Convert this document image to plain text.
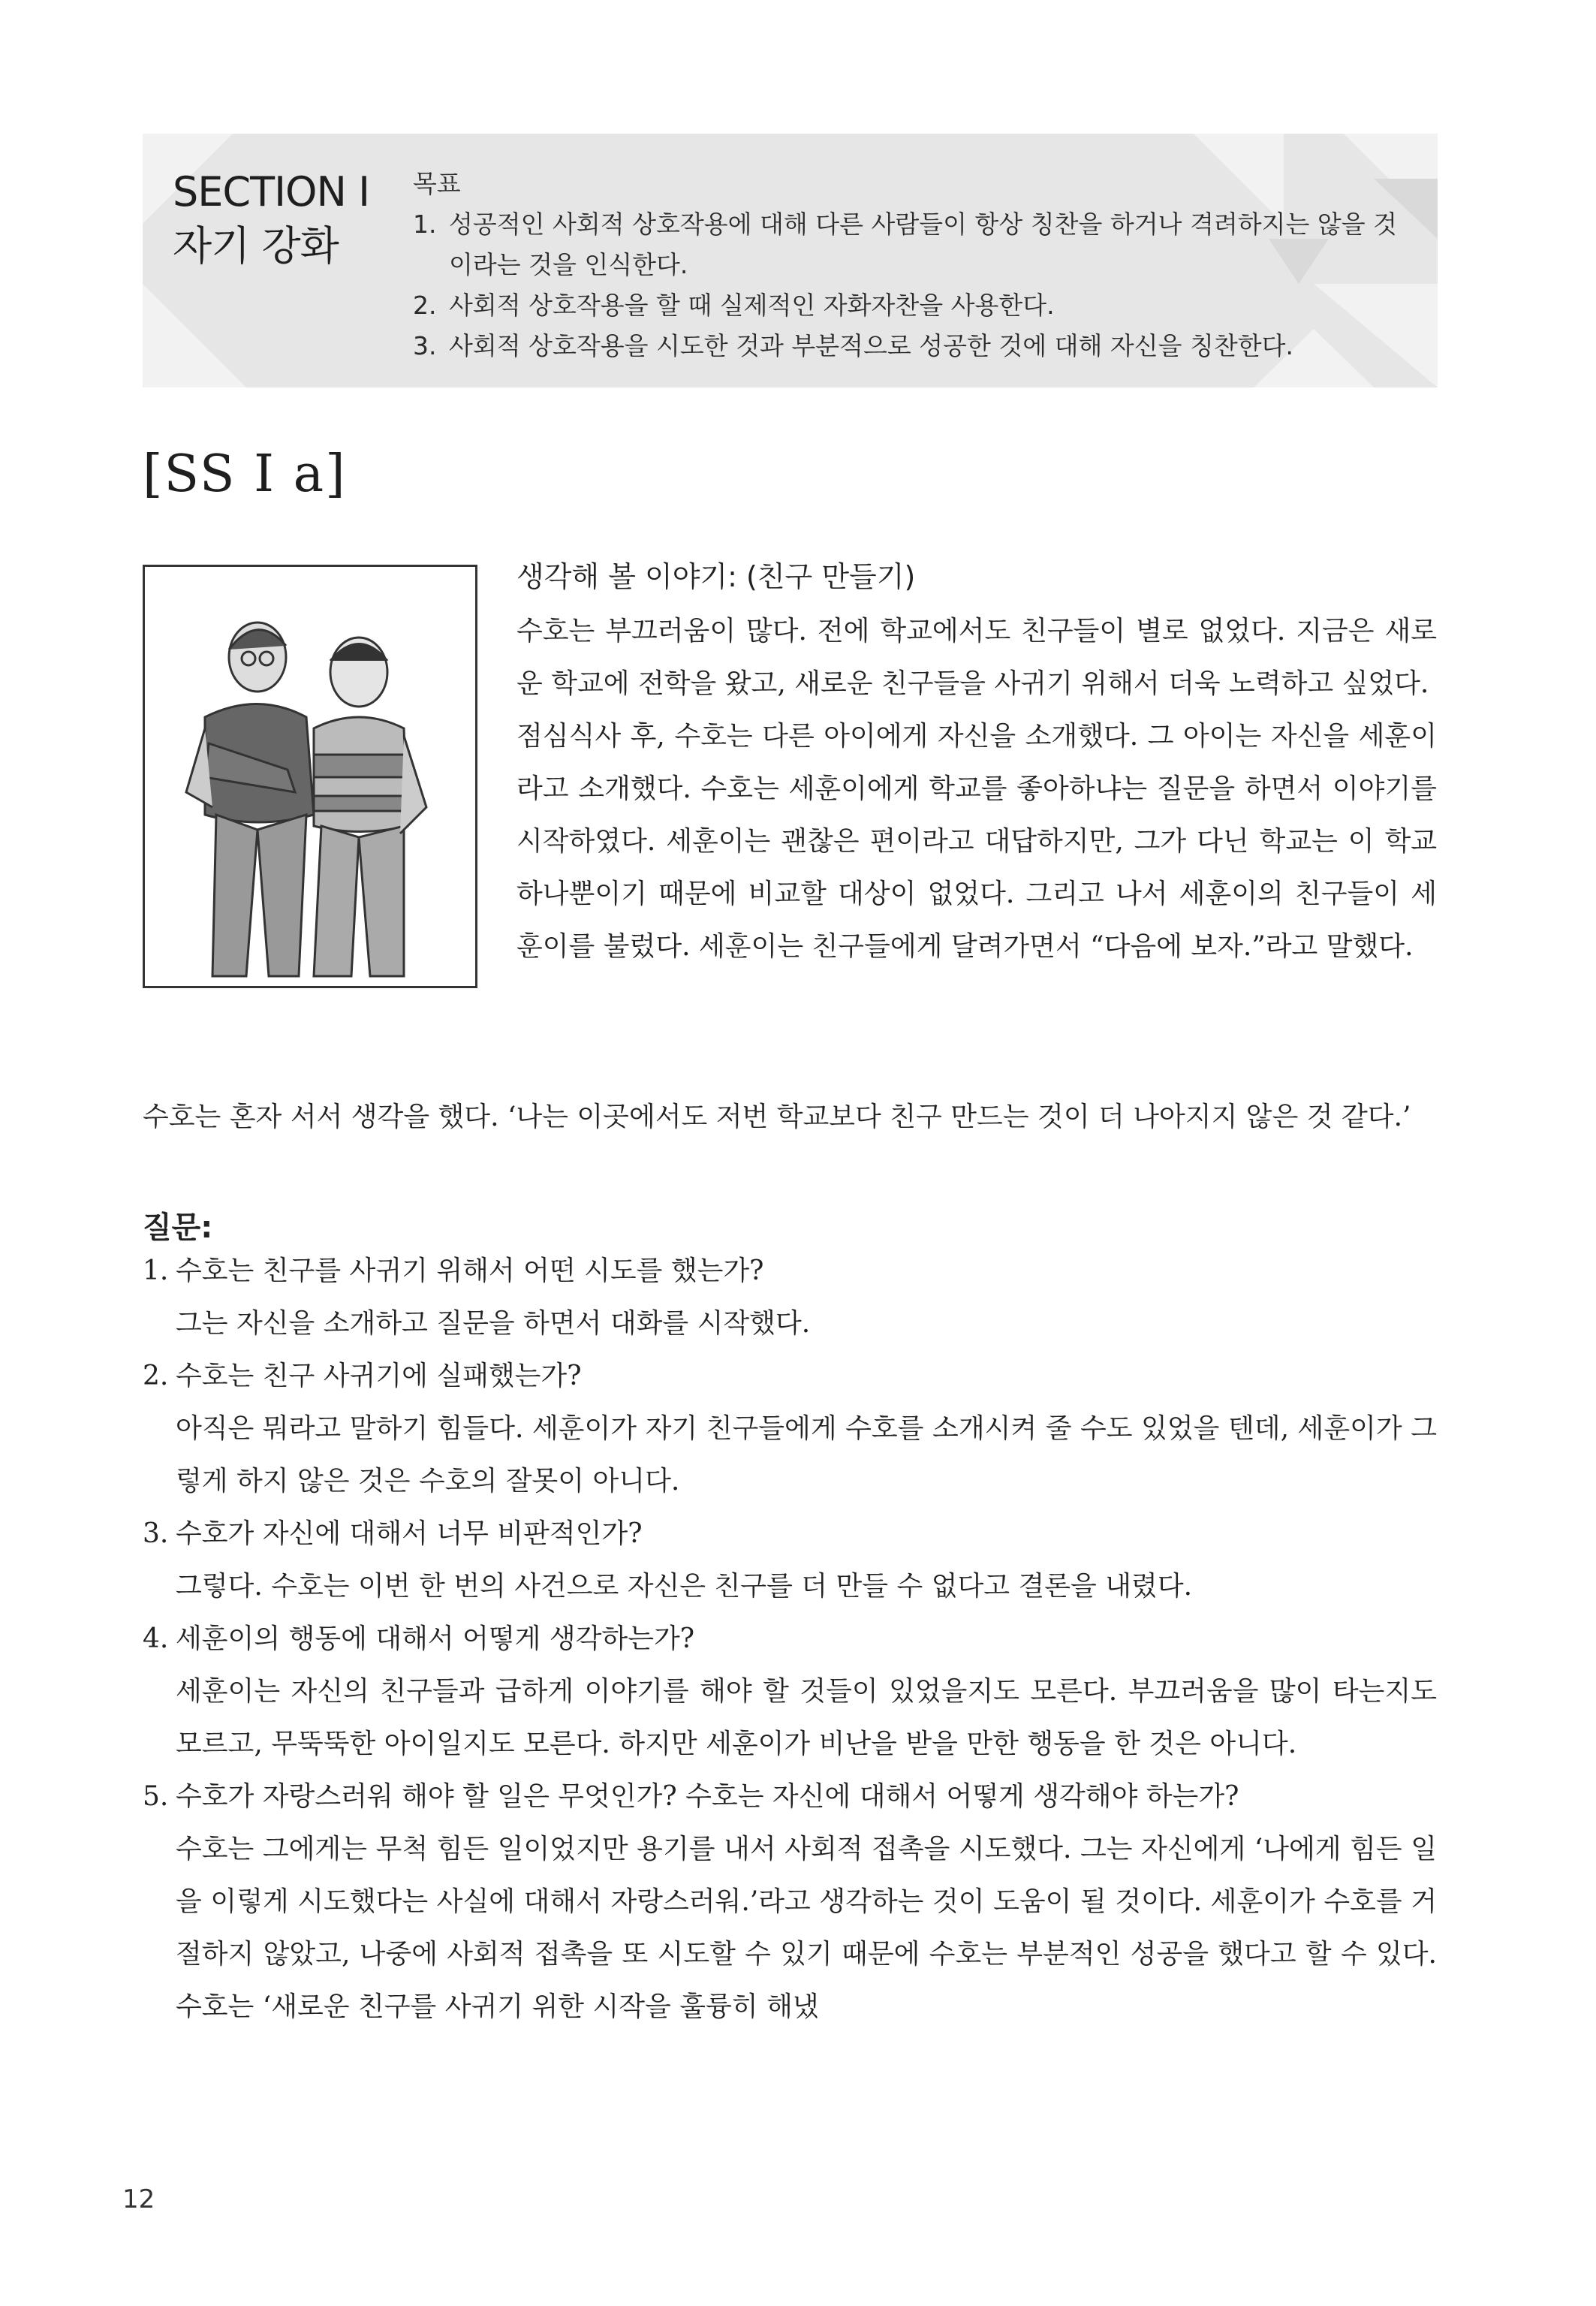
SECTION I
자기 강화
목표
1. 성공적인 사회적 상호작용에 대해 다른 사람들이 항상 칭찬을 하거나 격려하지는 않을 것이라는 것을 인식한다.
2. 사회적 상호작용을 할 때 실제적인 자화자찬을 사용한다.
3. 사회적 상호작용을 시도한 것과 부분적으로 성공한 것에 대해 자신을 칭찬한다.
[SS I a]
생각해 볼 이야기: (친구 만들기)

수호는 부끄러움이 많다. 전에 학교에서도 친구들이 별로 없었다. 지금은 새로운 학교에 전학을 왔고, 새로운 친구들을 사귀기 위해서 더욱 노력하고 싶었다.

점심식사 후, 수호는 다른 아이에게 자신을 소개했다. 그 아이는 자신을 세훈이라고 소개했다. 수호는 세훈이에게 학교를 좋아하냐는 질문을 하면서 이야기를 시작하였다. 세훈이는 괜찮은 편이라고 대답하지만, 그가 다닌 학교는 이 학교 하나뿐이기 때문에 비교할 대상이 없었다. 그리고 나서 세훈이의 친구들이 세훈이를 불렀다. 세훈이는 친구들에게 달려가면서 “다음에 보자.”라고 말했다.

수호는 혼자 서서 생각을 했다. ‘나는 이곳에서도 저번 학교보다 친구 만드는 것이 더 나아지지 않은 것 같다.’

질문:
1. 수호는 친구를 사귀기 위해서 어떤 시도를 했는가?
그는 자신을 소개하고 질문을 하면서 대화를 시작했다.
2. 수호는 친구 사귀기에 실패했는가?
아직은 뭐라고 말하기 힘들다. 세훈이가 자기 친구들에게 수호를 소개시켜 줄 수도 있었을 텐데, 세훈이가 그렇게 하지 않은 것은 수호의 잘못이 아니다.
3. 수호가 자신에 대해서 너무 비판적인가?
그렇다. 수호는 이번 한 번의 사건으로 자신은 친구를 더 만들 수 없다고 결론을 내렸다.
4. 세훈이의 행동에 대해서 어떻게 생각하는가?
세훈이는 자신의 친구들과 급하게 이야기를 해야 할 것들이 있었을지도 모른다. 부끄러움을 많이 타는지도 모르고, 무뚝뚝한 아이일지도 모른다. 하지만 세훈이가 비난을 받을 만한 행동을 한 것은 아니다.
5. 수호가 자랑스러워 해야 할 일은 무엇인가? 수호는 자신에 대해서 어떻게 생각해야 하는가?
수호는 그에게는 무척 힘든 일이었지만 용기를 내서 사회적 접촉을 시도했다. 그는 자신에게 ‘나에게 힘든 일을 이렇게 시도했다는 사실에 대해서 자랑스러워.’라고 생각하는 것이 도움이 될 것이다. 세훈이가 수호를 거절하지 않았고, 나중에 사회적 접촉을 또 시도할 수 있기 때문에 수호는 부분적인 성공을 했다고 할 수 있다. 수호는 ‘새로운 친구를 사귀기 위한 시작을 훌륭히 해냈
12
